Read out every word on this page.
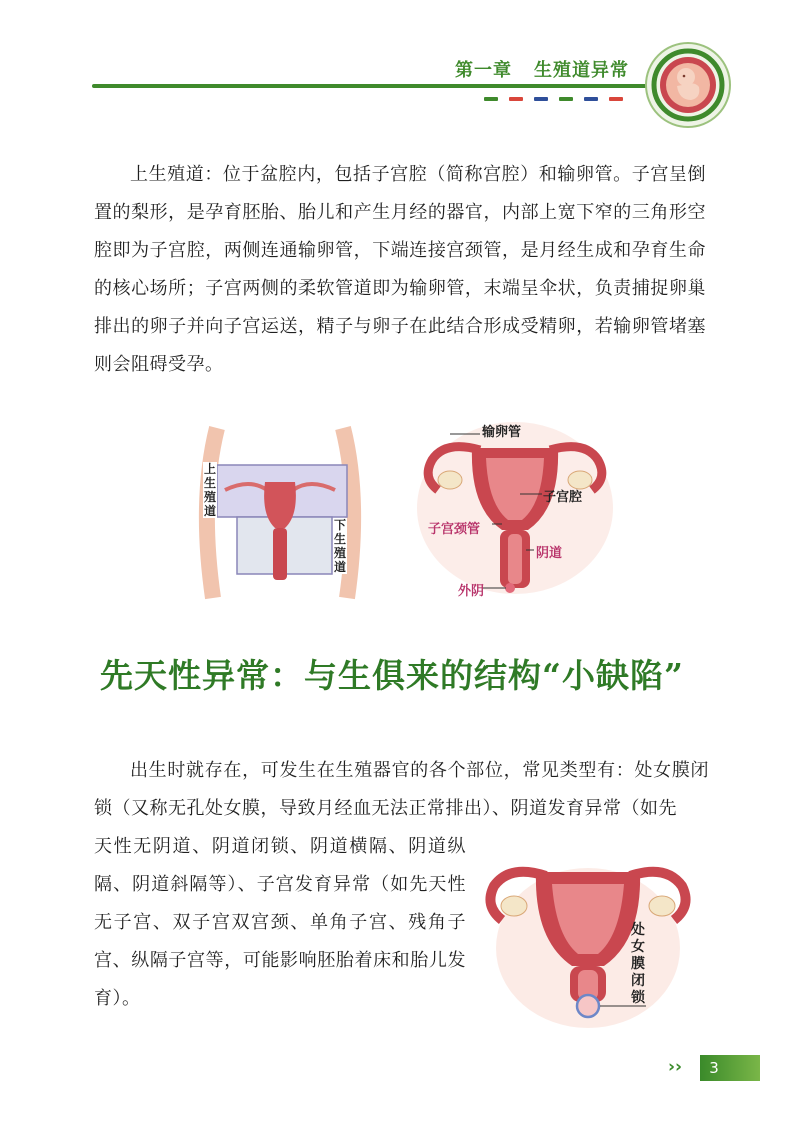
第一章 生殖道异常

上生殖道：位于盆腔内，包括子宫腔（简称宫腔）和输卵管。子宫呈倒置的梨形，是孕育胚胎、胎儿和产生月经的器官，内部上宽下窄的三角形空腔即为子宫腔，两侧连通输卵管，下端连接宫颈管，是月经生成和孕育生命的核心场所；子宫两侧的柔软管道即为输卵管，末端呈伞状，负责捕捉卵巢排出的卵子并向子宫运送，精子与卵子在此结合形成受精卵，若输卵管堵塞则会阻碍受孕。

上生殖道
下生殖道
输卵管
子宫腔
子宫颈管
阴道
外阴
先天性异常：与生俱来的结构“小缺陷”

出生时就存在，可发生在生殖器官的各个部位，常见类型有：处女膜闭锁（又称无孔处女膜，导致月经血无法正常排出）、阴道发育异常（如先

天性无阴道、阴道闭锁、阴道横隔、阴道纵隔、阴道斜隔等）、子宫发育异常（如先天性无子宫、双子宫双宫颈、单角子宫、残角子宫、纵隔子宫等，可能影响胚胎着床和胎儿发育）。

处女膜闭锁
››	3
